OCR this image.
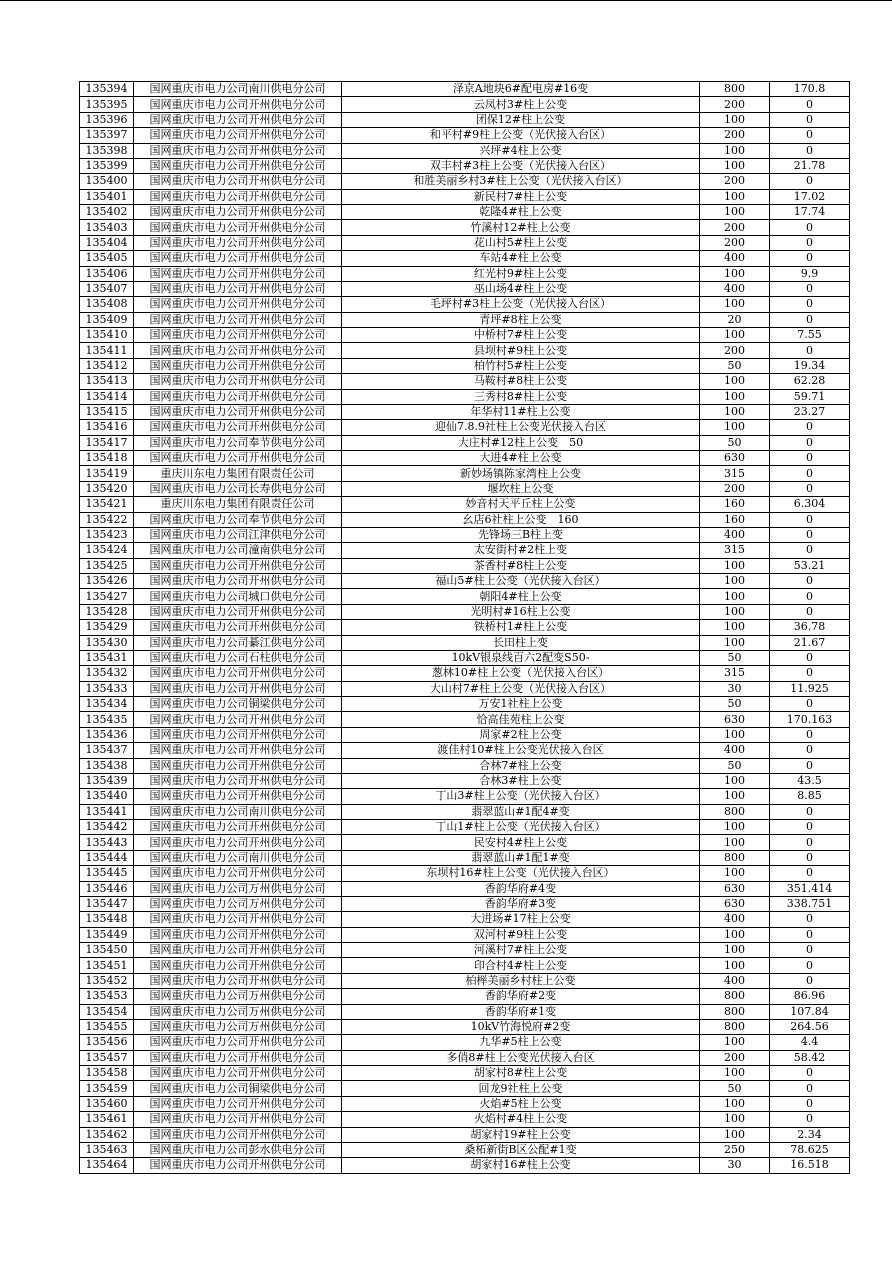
135394	国网重庆市电力公司南川供电分公司	泽京A地块6#配电房#16变	800	170.8
135395	国网重庆市电力公司开州供电分公司	云凤村3#柱上公变	200	0
135396	国网重庆市电力公司开州供电分公司	团保12#柱上公变	100	0
135397	国网重庆市电力公司开州供电分公司	和平村#9柱上公变（光伏接入台区）	200	0
135398	国网重庆市电力公司开州供电分公司	兴坪#4柱上公变	100	0
135399	国网重庆市电力公司开州供电分公司	双丰村#3柱上公变（光伏接入台区）	100	21.78
135400	国网重庆市电力公司开州供电分公司	和胜美丽乡村3#柱上公变（光伏接入台区）	200	0
135401	国网重庆市电力公司开州供电分公司	新民村7#柱上公变	100	17.02
135402	国网重庆市电力公司开州供电分公司	乾隆4#柱上公变	100	17.74
135403	国网重庆市电力公司开州供电分公司	竹溪村12#柱上公变	200	0
135404	国网重庆市电力公司开州供电分公司	花山村5#柱上公变	200	0
135405	国网重庆市电力公司开州供电分公司	车站4#柱上公变	400	0
135406	国网重庆市电力公司开州供电分公司	红光村9#柱上公变	100	9.9
135407	国网重庆市电力公司开州供电分公司	巫山场4#柱上公变	400	0
135408	国网重庆市电力公司开州供电分公司	毛坪村#3柱上公变（光伏接入台区）	100	0
135409	国网重庆市电力公司开州供电分公司	青坪#8柱上公变	20	0
135410	国网重庆市电力公司开州供电分公司	中桥村7#柱上公变	100	7.55
135411	国网重庆市电力公司开州供电分公司	县坝村#9柱上公变	200	0
135412	国网重庆市电力公司开州供电分公司	柏竹村5#柱上公变	50	19.34
135413	国网重庆市电力公司开州供电分公司	马鞍村#8柱上公变	100	62.28
135414	国网重庆市电力公司开州供电分公司	三秀村8#柱上公变	100	59.71
135415	国网重庆市电力公司开州供电分公司	年华村11#柱上公变	100	23.27
135416	国网重庆市电力公司开州供电分公司	迎仙7.8.9社柱上公变光伏接入台区	100	0
135417	国网重庆市电力公司奉节供电分公司	大庄村#12柱上公变　50	50	0
135418	国网重庆市电力公司开州供电分公司	大进4#柱上公变	630	0
135419	重庆川东电力集团有限责任公司	新妙场镇陈家湾柱上公变	315	0
135420	国网重庆市电力公司长寿供电分公司	堰坎柱上公变	200	0
135421	重庆川东电力集团有限责任公司	妙音村天平丘柱上公变	160	6.304
135422	国网重庆市电力公司奉节供电分公司	幺店6社柱上公变　160	160	0
135423	国网重庆市电力公司江津供电分公司	先锋场三B柱上变	400	0
135424	国网重庆市电力公司潼南供电分公司	太安街村#2柱上变	315	0
135425	国网重庆市电力公司开州供电分公司	茶香村#8柱上公变	100	53.21
135426	国网重庆市电力公司开州供电分公司	福山5#柱上公变（光伏接入台区）	100	0
135427	国网重庆市电力公司城口供电分公司	朝阳4#柱上公变	100	0
135428	国网重庆市电力公司开州供电分公司	光明村#16柱上公变	100	0
135429	国网重庆市电力公司开州供电分公司	铁桥村1#柱上公变	100	36.78
135430	国网重庆市电力公司綦江供电分公司	长田柱上变	100	21.67
135431	国网重庆市电力公司石柱供电分公司	10kV银泉线百六2配变S50-	50	0
135432	国网重庆市电力公司开州供电分公司	葱林10#柱上公变（光伏接入台区）	315	0
135433	国网重庆市电力公司开州供电分公司	大山村7#柱上公变（光伏接入台区）	30	11.925
135434	国网重庆市电力公司铜梁供电分公司	万安1社柱上公变	50	0
135435	国网重庆市电力公司开州供电分公司	恰高佳苑柱上公变	630	170.163
135436	国网重庆市电力公司开州供电分公司	周家#2柱上公变	100	0
135437	国网重庆市电力公司开州供电分公司	渡佳村10#柱上公变光伏接入台区	400	0
135438	国网重庆市电力公司开州供电分公司	合林7#柱上公变	50	0
135439	国网重庆市电力公司开州供电分公司	合林3#柱上公变	100	43.5
135440	国网重庆市电力公司开州供电分公司	丁山3#柱上公变（光伏接入台区）	100	8.85
135441	国网重庆市电力公司南川供电分公司	翡翠蓝山#1配4#变	800	0
135442	国网重庆市电力公司开州供电分公司	丁山1#柱上公变（光伏接入台区）	100	0
135443	国网重庆市电力公司开州供电分公司	民安村4#柱上公变	100	0
135444	国网重庆市电力公司南川供电分公司	翡翠蓝山#1配1#变	800	0
135445	国网重庆市电力公司开州供电分公司	东坝村16#柱上公变（光伏接入台区）	100	0
135446	国网重庆市电力公司万州供电分公司	香韵华府#4变	630	351.414
135447	国网重庆市电力公司万州供电分公司	香韵华府#3变	630	338.751
135448	国网重庆市电力公司开州供电分公司	大进场#17柱上公变	400	0
135449	国网重庆市电力公司开州供电分公司	双河村#9柱上公变	100	0
135450	国网重庆市电力公司开州供电分公司	河溪村7#柱上公变	100	0
135451	国网重庆市电力公司开州供电分公司	印合村4#柱上公变	100	0
135452	国网重庆市电力公司开州供电分公司	柏榉美丽乡村柱上公变	400	0
135453	国网重庆市电力公司万州供电分公司	香韵华府#2变	800	86.96
135454	国网重庆市电力公司万州供电分公司	香韵华府#1变	800	107.84
135455	国网重庆市电力公司万州供电分公司	10kV竹海悦府#2变	800	264.56
135456	国网重庆市电力公司开州供电分公司	九华#5柱上公变	100	4.4
135457	国网重庆市电力公司开州供电分公司	多俏8#柱上公变光伏接入台区	200	58.42
135458	国网重庆市电力公司开州供电分公司	胡家村8#柱上公变	100	0
135459	国网重庆市电力公司铜梁供电分公司	回龙9社柱上公变	50	0
135460	国网重庆市电力公司开州供电分公司	火焰#5柱上公变	100	0
135461	国网重庆市电力公司开州供电分公司	火焰村#4柱上公变	100	0
135462	国网重庆市电力公司开州供电分公司	胡家村19#柱上公变	100	2.34
135463	国网重庆市电力公司彭水供电分公司	桑柘新街B区公配#1变	250	78.625
135464	国网重庆市电力公司开州供电分公司	胡家村16#柱上公变	30	16.518
